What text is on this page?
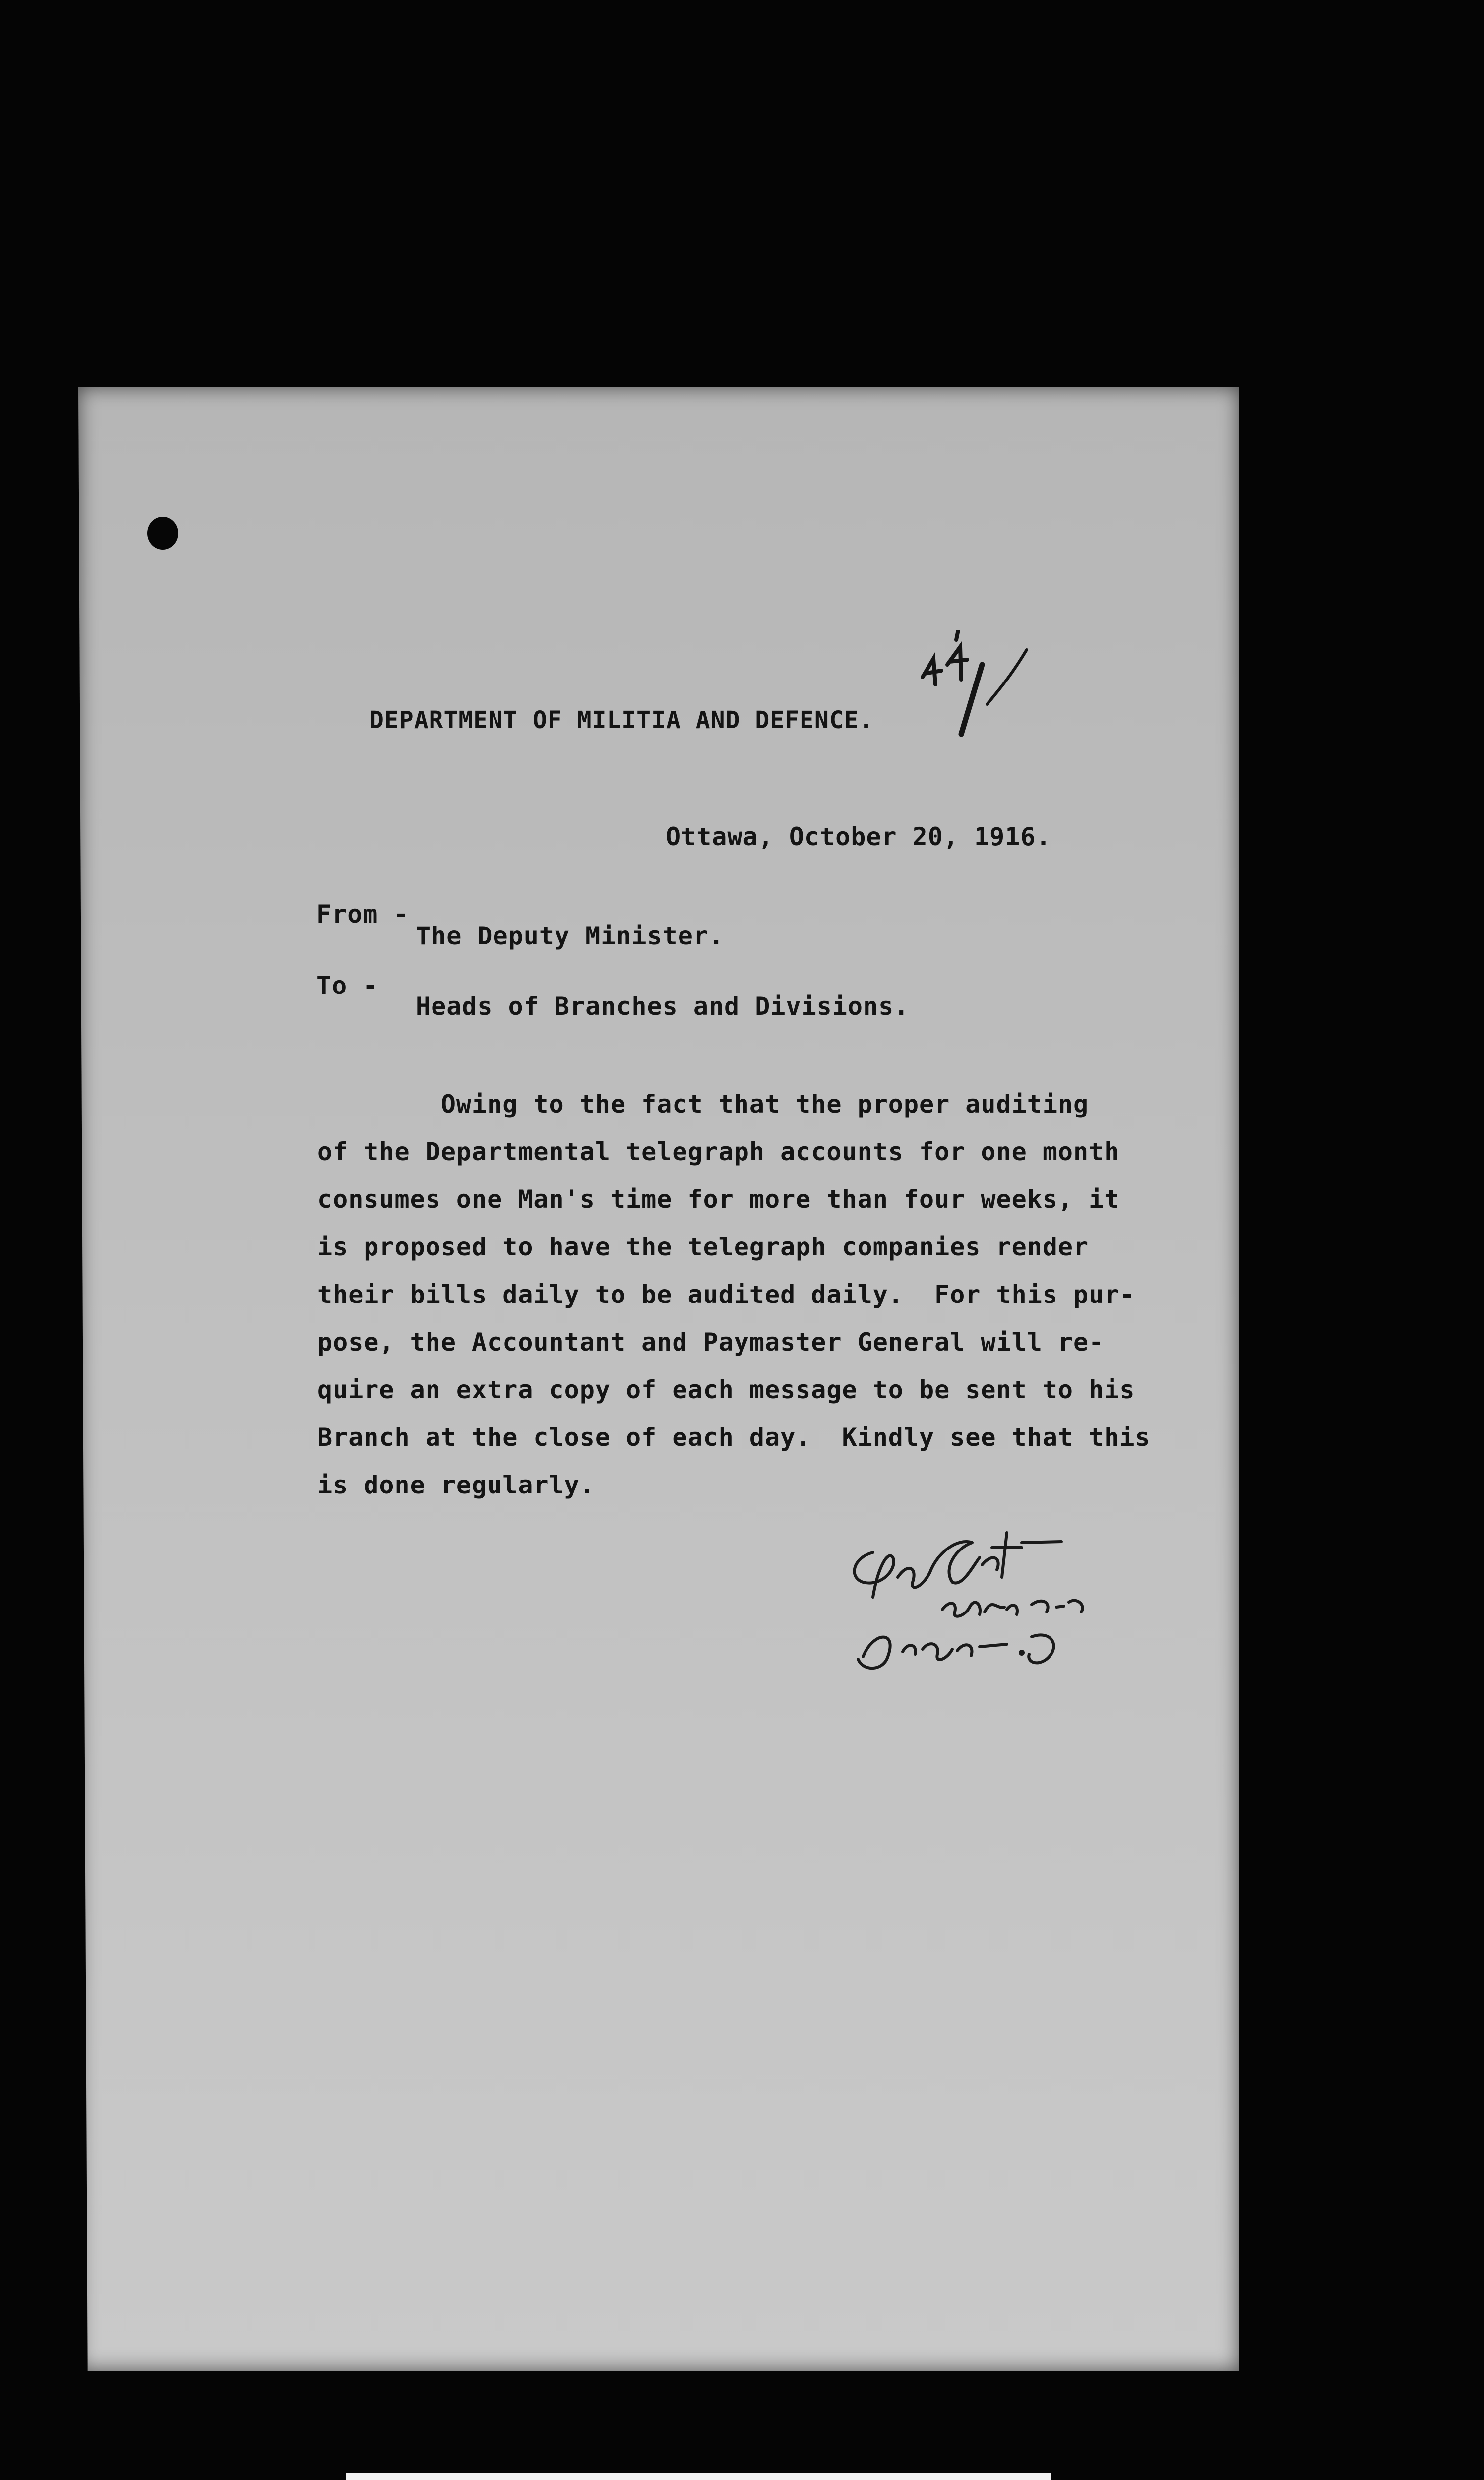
DEPARTMENT OF MILITIA AND DEFENCE.

Ottawa, October 20, 1916.

From -

The Deputy Minister.

To -

Heads of Branches and Divisions.

Owing to the fact that the proper auditing
of the Departmental telegraph accounts for one month
consumes one Man's time for more than four weeks, it
is proposed to have the telegraph companies render
their bills daily to be audited daily.  For this pur-
pose, the Accountant and Paymaster General will re-
quire an extra copy of each message to be sent to his
Branch at the close of each day.  Kindly see that this
is done regularly.
